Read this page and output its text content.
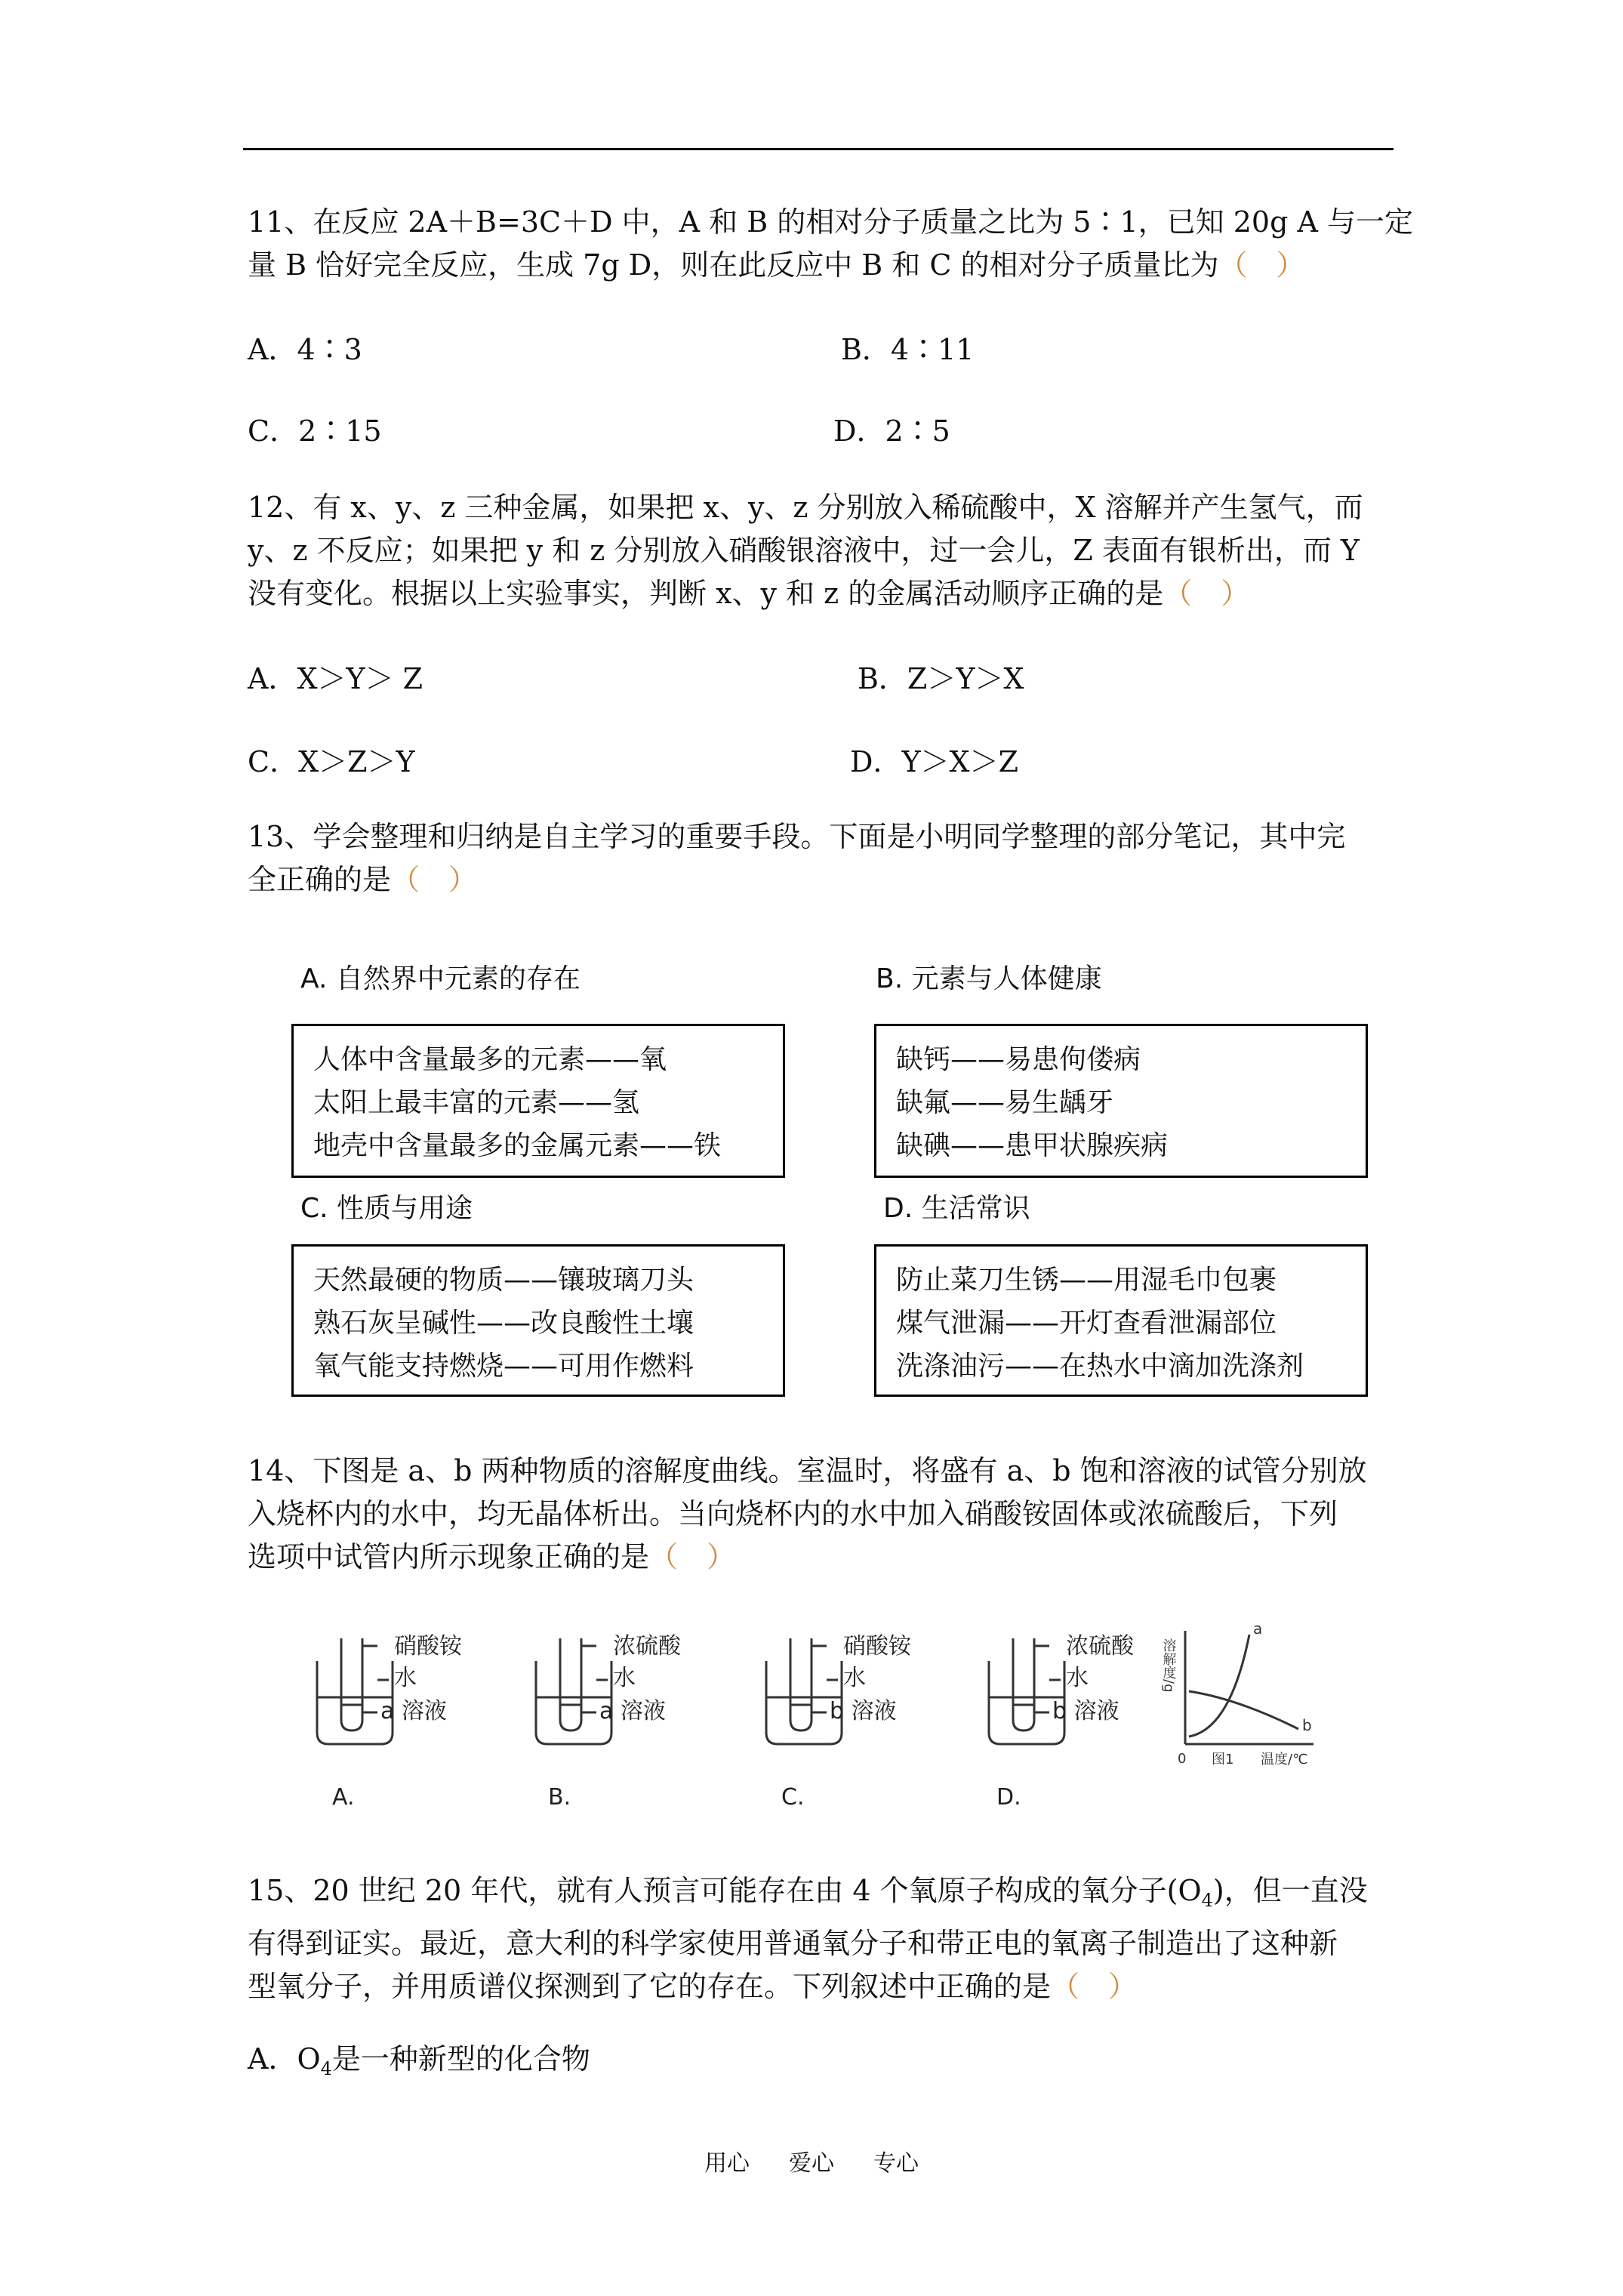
11、在反应 2A＋B=3C＋D 中，A 和 B 的相对分子质量之比为 5∶1，已知 20g A 与一定
量 B 恰好完全反应，生成 7g D，则在此反应中 B 和 C 的相对分子质量比为（　）
A．4∶3	B．4∶11
C．2∶15	D．2∶5
12、有 x、y、z 三种金属，如果把 x、y、z 分别放入稀硫酸中，X 溶解并产生氢气，而
y、z 不反应；如果把 y 和 z 分别放入硝酸银溶液中，过一会儿，Z 表面有银析出，而 Y
没有变化。根据以上实验事实，判断 x、y 和 z 的金属活动顺序正确的是（　）
A．X＞Y＞ Z	B．Z＞Y＞X
C．X＞Z＞Y	D．Y＞X＞Z
13、学会整理和归纳是自主学习的重要手段。下面是小明同学整理的部分笔记，其中完
全正确的是（　）
A. 自然界中元素的存在	B. 元素与人体健康
人体中含量最多的元素——氧
太阳上最丰富的元素——氢
地壳中含量最多的金属元素——铁
缺钙——易患佝偻病
缺氟——易生龋牙
缺碘——患甲状腺疾病
C. 性质与用途	D. 生活常识
天然最硬的物质——镶玻璃刀头
熟石灰呈碱性——改良酸性土壤
氧气能支持燃烧——可用作燃料
防止菜刀生锈——用湿毛巾包裹
煤气泄漏——开灯查看泄漏部位
洗涤油污——在热水中滴加洗涤剂
14、下图是 a、b 两种物质的溶解度曲线。室温时，将盛有 a、b 饱和溶液的试管分别放
入烧杯内的水中，均无晶体析出。当向烧杯内的水中加入硝酸铵固体或浓硫酸后，下列
选项中试管内所示现象正确的是（　）
硝酸铵
水
a 溶液
A.
浓硫酸
水
a 溶液
B.
硝酸铵
水
b 溶液
C.
浓硫酸
水
b 溶液
D.
溶解度/g
a
b
0 图1 温度/℃
15、20 世纪 20 年代，就有人预言可能存在由 4 个氧原子构成的氧分子$(O_4)$，但一直没
有得到证实。最近，意大利的科学家使用普通氧分子和带正电的氧离子制造出了这种新
型氧分子，并用质谱仪探测到了它的存在。下列叙述中正确的是（　）
A．$O_4$是一种新型的化合物
用心 爱心 专心
